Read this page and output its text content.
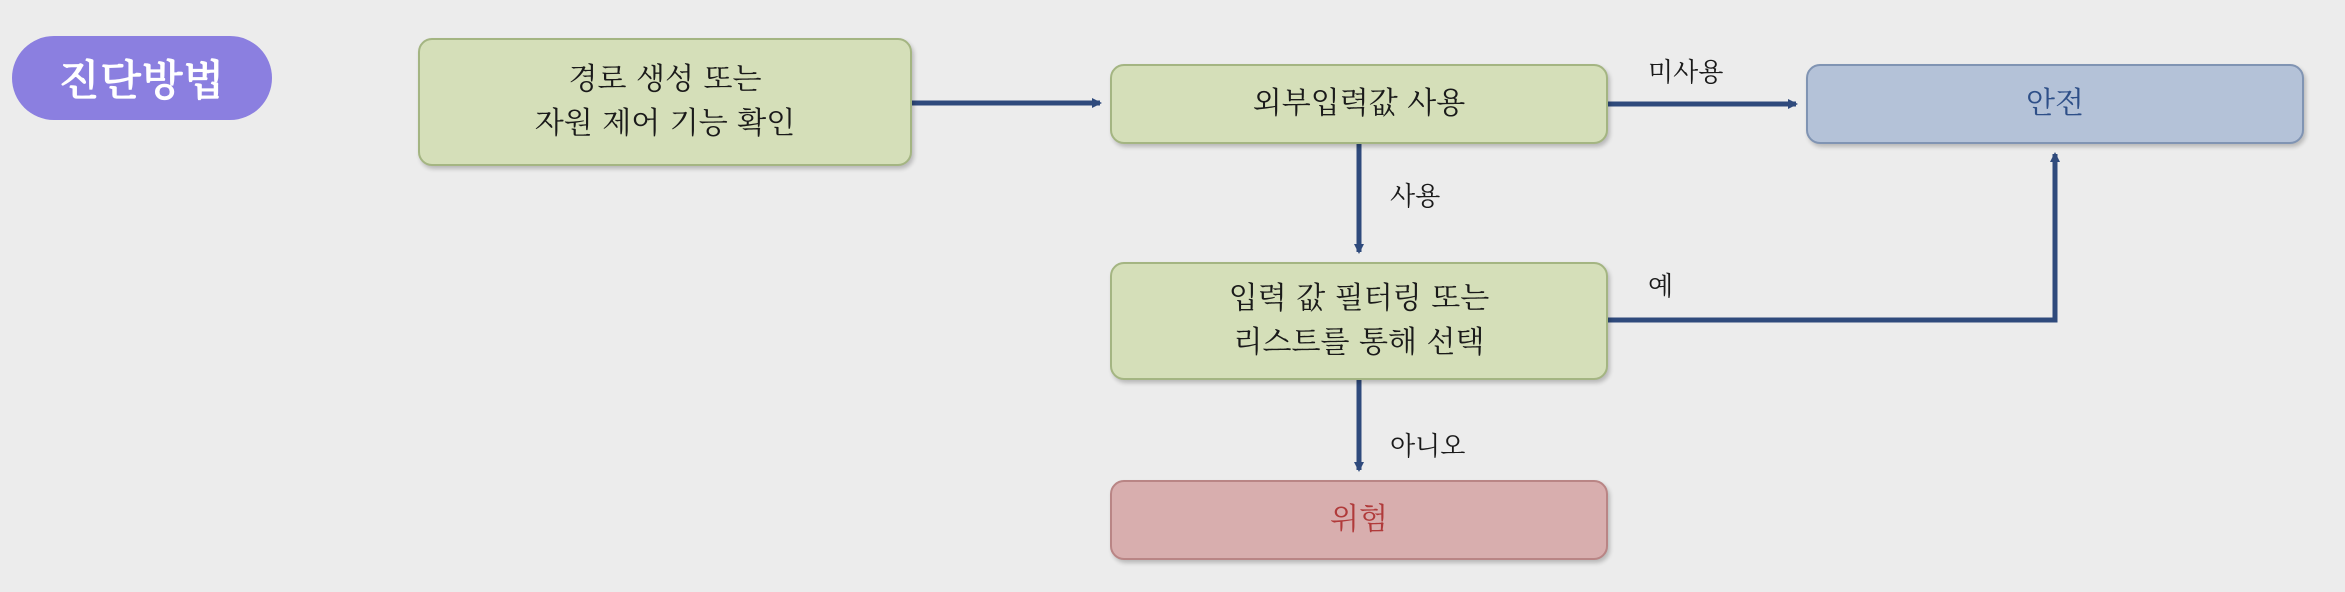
진단방법	경로 생성 또는
자원 제어 기능 확인
외부입력값 사용	안전
입력 값 필터링 또는
리스트를 통해 선택
위험
미사용
사용
예
아니오
